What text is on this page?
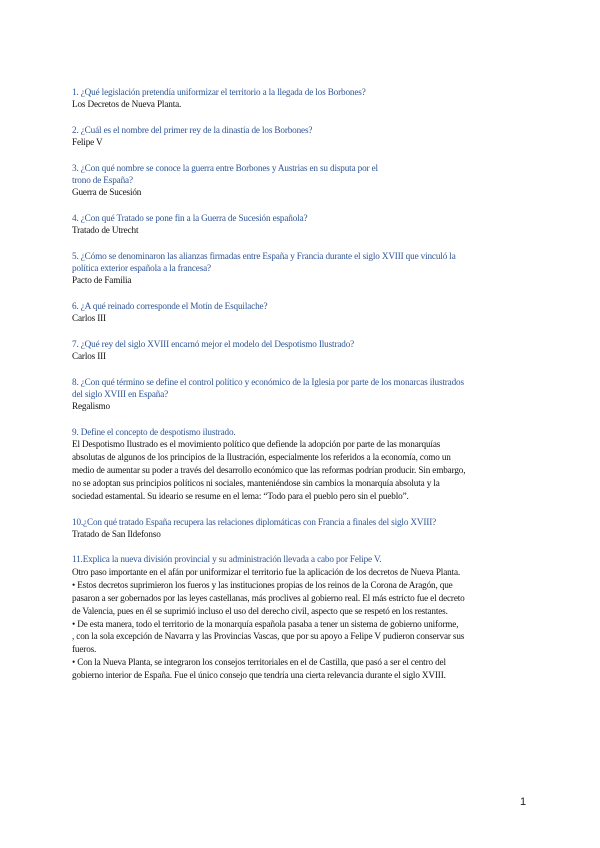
1. ¿Qué legislación pretendía uniformizar el territorio a la llegada de los Borbones?

Los Decretos de Nueva Planta.

2. ¿Cuál es el nombre del primer rey de la dinastía de los Borbones?

Felipe V

3. ¿Con qué nombre se conoce la guerra entre Borbones y Austrias en su disputa por el

trono de España?

Guerra de Sucesión

4. ¿Con qué Tratado se pone fin a la Guerra de Sucesión española?

Tratado de Utrecht

5. ¿Cómo se denominaron las alianzas firmadas entre España y Francia durante el siglo XVIII que vinculó la

política exterior española a la francesa?

Pacto de Familia

6. ¿A qué reinado corresponde el Motín de Esquilache?

Carlos III

7. ¿Qué rey del siglo XVIII encarnó mejor el modelo del Despotismo Ilustrado?

Carlos III

8. ¿Con qué término se define el control político y económico de la Iglesia por parte de los monarcas ilustrados

del siglo XVIII en España?

Regalismo

9. Define el concepto de despotismo ilustrado.

El Despotismo Ilustrado es el movimiento político que defiende la adopción por parte de las monarquías

absolutas de algunos de los principios de la Ilustración, especialmente los referidos a la economía, como un

medio de aumentar su poder a través del desarrollo económico que las reformas podrían producir. Sin embargo,

no se adoptan sus principios políticos ni sociales, manteniéndose sin cambios la monarquía absoluta y la

sociedad estamental. Su ideario se resume en el lema: “Todo para el pueblo pero sin el pueblo”.

10.¿Con qué tratado España recupera las relaciones diplomáticas con Francia a finales del siglo XVIII?

Tratado de San Ildefonso

11.Explica la nueva división provincial y su administración llevada a cabo por Felipe V.

Otro paso importante en el afán por uniformizar el territorio fue la aplicación de los decretos de Nueva Planta.

• Estos decretos suprimieron los fueros y las instituciones propias de los reinos de la Corona de Aragón, que

pasaron a ser gobernados por las leyes castellanas, más proclives al gobierno real. El más estricto fue el decreto

de Valencia, pues en él se suprimió incluso el uso del derecho civil, aspecto que se respetó en los restantes.

• De esta manera, todo el territorio de la monarquía española pasaba a tener un sistema de gobierno uniforme,

, con la sola excepción de Navarra y las Provincias Vascas, que por su apoyo a Felipe V pudieron conservar sus

fueros.

• Con la Nueva Planta, se integraron los consejos territoriales en el de Castilla, que pasó a ser el centro del

gobierno interior de España. Fue el único consejo que tendría una cierta relevancia durante el siglo XVIII.

1
